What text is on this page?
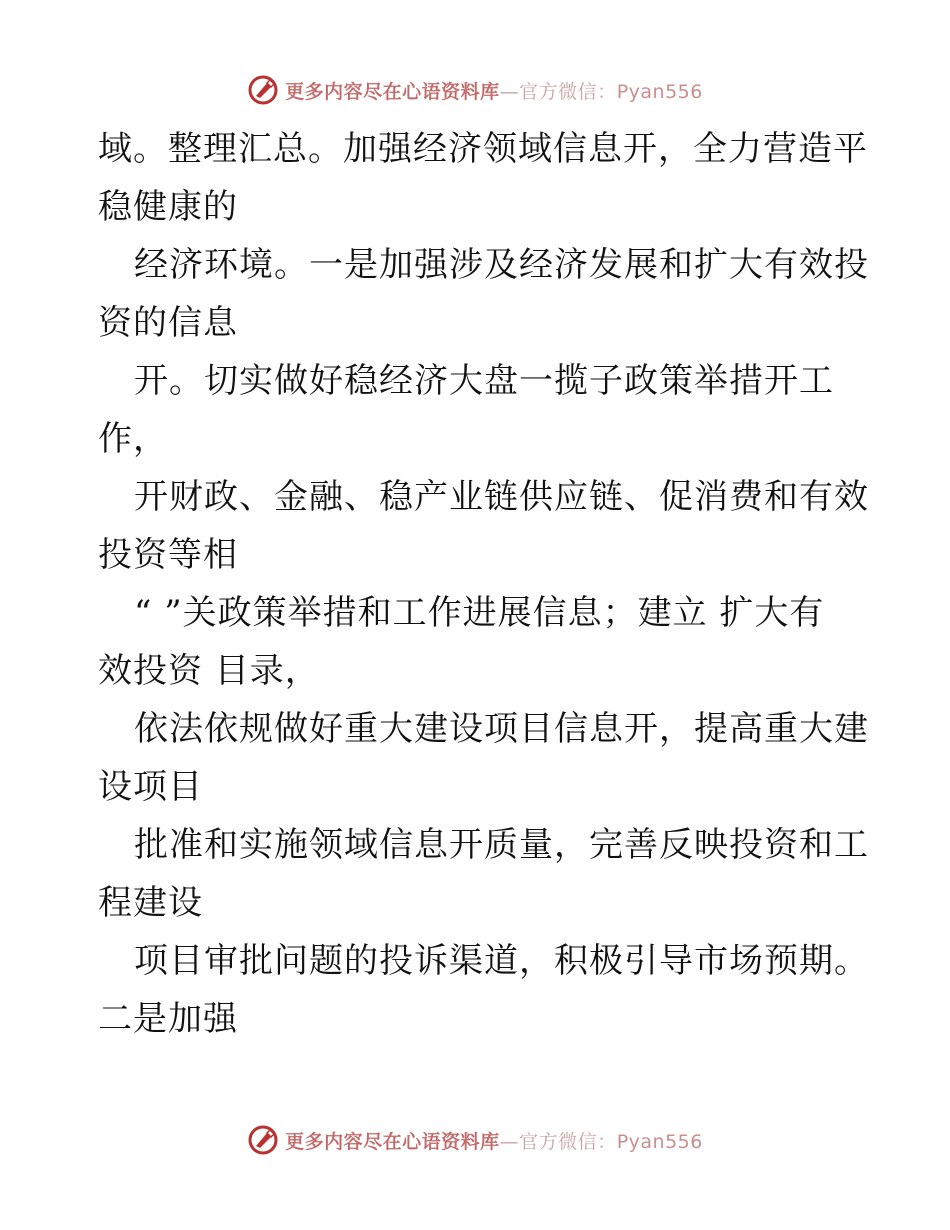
更多内容尽在心语资料库—官方微信：Pyan556
域。整理汇总。加强经济领域信息开，全力营造平
稳健康的
经济环境。一是加强涉及经济发展和扩大有效投
资的信息
开。切实做好稳经济大盘一揽子政策举措开工
作，
开财政、金融、稳产业链供应链、促消费和有效
投资等相
“ ”关政策举措和工作进展信息；建立 扩大有
效投资 目录，
依法依规做好重大建设项目信息开，提高重大建
设项目
批准和实施领域信息开质量，完善反映投资和工
程建设
项目审批问题的投诉渠道，积极引导市场预期。
二是加强
更多内容尽在心语资料库—官方微信：Pyan556
